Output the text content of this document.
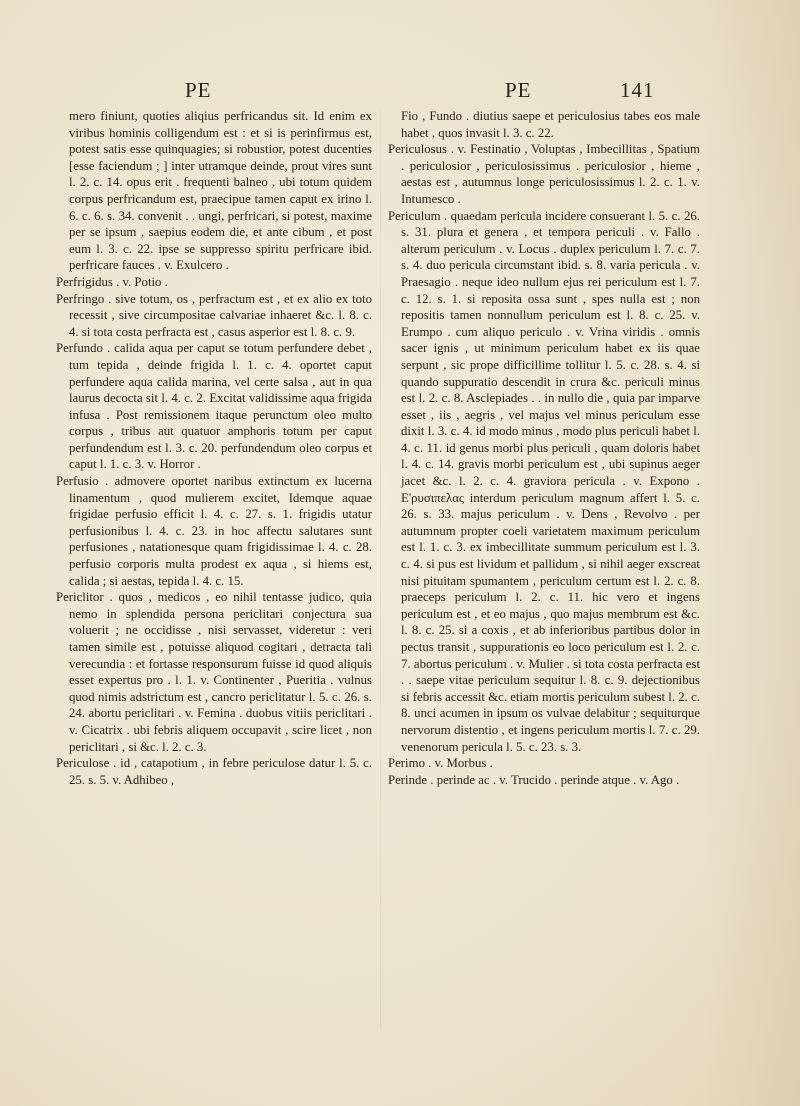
PE	PE	141

mero finiunt, quoties aliqius perfricandus sit. Id enim ex viribus hominis colligendum est : et si is perinfirmus est, potest satis esse quinquagies; si robustior, potest ducenties [esse faciendum ; ] inter utramque deinde, prout vires sunt l. 2. c. 14. opus erit . frequenti balneo , ubi totum quidem corpus perfricandum est, praecipue tamen caput ex irino l. 6. c. 6. s. 34. convenit . . ungi, perfricari, si potest, maxime per se ipsum , saepius eodem die, et ante cibum , et post eum l. 3. c. 22. ipse se suppresso spiritu perfricare ibid. perfricare fauces . v. Exulcero .

Perfrigidus . v. Potio .

Perfringo . sive totum, os , perfractum est , et ex alio ex toto recessit , sive circumpositae calvariae inhaeret &c. l. 8. c. 4. si tota costa perfracta est , casus asperior est l. 8. c. 9.

Perfundo . calida aqua per caput se totum perfundere debet , tum tepida , deinde frigida l. 1. c. 4. oportet caput perfundere aqua calida marina, vel certe salsa , aut in qua laurus decocta sit l. 4. c. 2. Excitat validissime aqua frigida infusa . Post remissionem itaque perunctum oleo multo corpus , tribus aut quatuor amphoris totum per caput perfundendum est l. 3. c. 20. perfundendum oleo corpus et caput l. 1. c. 3. v. Horror .

Perfusio . admovere oportet naribus extinctum ex lucerna linamentum , quod mulierem excitet, Idemque aquae frigidae perfusio efficit l. 4. c. 27. s. 1. frigidis utatur perfusionibus l. 4. c. 23. in hoc affectu salutares sunt perfusiones , natationesque quam frigidissimae l. 4. c. 28. perfusio corporis multa prodest ex aqua , si hiems est, calida ; si aestas, tepida l. 4. c. 15.

Periclitor . quos , medicos , eo nihil tentasse judico, quia nemo in splendida persona periclitari conjectura sua voluerit ; ne occidisse , nisi servasset, videretur : veri tamen simile est , potuisse aliquod cogitari , detracta tali verecundia : et fortasse responsurum fuisse id quod aliquis esset expertus pro . l. 1. v. Continenter , Pueritia . vulnus quod nimis adstrictum est , cancro periclitatur l. 5. c. 26. s. 24. abortu periclitari . v. Femina . duobus vitiis periclitari . v. Cicatrix . ubi febris aliquem occupavit , scire licet , non periclitari , si &c. l. 2. c. 3.

Periculose . id , catapotium , in febre periculose datur l. 5. c. 25. s. 5. v. Adhibeo ,

Fio , Fundo . diutius saepe et periculosius tabes eos male habet , quos invasit l. 3. c. 22.

Periculosus . v. Festinatio , Voluptas , Imbecillitas , Spatium . periculosior , periculosissimus . periculosior , hieme , aestas est , autumnus longe periculosissimus l. 2. c. 1. v. Intumesco .

Periculum . quaedam pericula incidere consuerant l. 5. c. 26. s. 31. plura et genera , et tempora periculi . v. Fallo . alterum periculum . v. Locus . duplex periculum l. 7. c. 7. s. 4. duo pericula circumstant ibid. s. 8. varia pericula . v. Praesagio . neque ideo nullum ejus rei periculum est l. 7. c. 12. s. 1. si reposita ossa sunt , spes nulla est ; non repositis tamen nonnullum periculum est l. 8. c. 25. v. Erumpo . cum aliquo periculo . v. Vrina viridis . omnis sacer ignis , ut minimum periculum habet ex iis quae serpunt , sic prope difficillime tollitur l. 5. c. 28. s. 4. si quando suppuratio descendit in crura &c. periculi minus est l. 2. c. 8. Asclepiades . . in nullo die , quia par imparve esset , iis , aegris , vel majus vel minus periculum esse dixit l. 3. c. 4. id modo minus , modo plus periculi habet l. 4. c. 11. id genus morbi plus periculi , quam doloris habet l. 4. c. 14. gravis morbi periculum est , ubi supinus aeger jacet &c. l. 2. c. 4. graviora pericula . v. Expono . E'ρυσιπελας interdum periculum magnum affert l. 5. c. 26. s. 33. majus periculum . v. Dens , Revolvo . per autumnum propter coeli varietatem maximum periculum est l. 1. c. 3. ex imbecillitate summum periculum est l. 3. c. 4. si pus est lividum et pallidum , si nihil aeger exscreat nisi pituitam spumantem , periculum certum est l. 2. c. 8. praeceps periculum l. 2. c. 11. hic vero et ingens periculum est , et eo majus , quo majus membrum est &c. l. 8. c. 25. si a coxis , et ab inferioribus partibus dolor in pectus transit , suppurationis eo loco periculum est l. 2. c. 7. abortus periculum . v. Mulier . si tota costa perfracta est . . saepe vitae periculum sequitur l. 8. c. 9. dejectionibus si febris accessit &c. etiam mortis periculum subest l. 2. c. 8. unci acumen in ipsum os vulvae delabitur ; sequiturque nervorum distentio , et ingens periculum mortis l. 7. c. 29. venenorum pericula l. 5. c. 23. s. 3.

Perimo . v. Morbus .

Perinde . perinde ac . v. Trucido . perinde atque . v. Ago .
